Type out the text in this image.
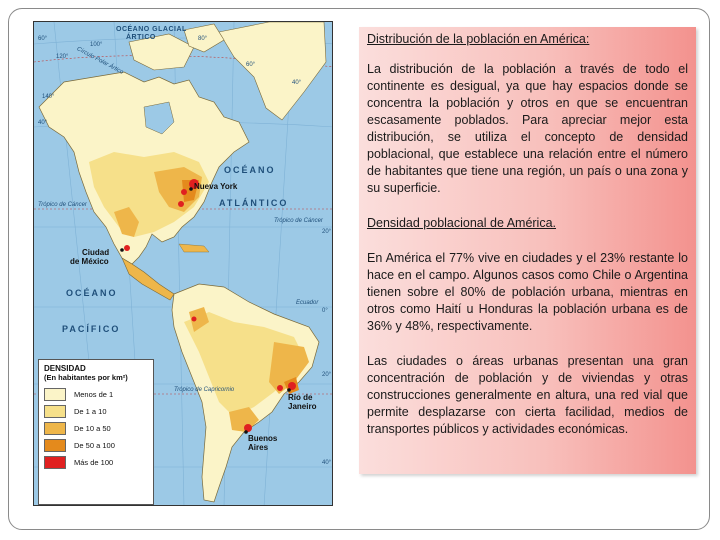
OCÉANO GLACIAL
ÁRTICO
OCÉANO
ATLÁNTICO
OCÉANO
PACÍFICO
Círculo Polar Ártico
Trópico de Cáncer
Trópico de Cáncer
Ecuador
Trópico de Capricornio
60°
40°
20°
0°
20°
40°
140°
120°
100°
80°
60°
40°
Nueva York
Ciudad
de México
Río de
Janeiro
Buenos
Aires

DENSIDAD

(En habitantes por km²)

Menos de 1
De 1 a 10
De 10 a 50
De 50 a 100
Más de 100

Distribución de la población en América:

La distribución de la población a través de todo el continente es desigual, ya que hay espacios donde se concentra la población y otros en que se encuentran escasamente poblados. Para apreciar mejor esta distribución, se utiliza el concepto de densidad poblacional, que establece una relación entre el número de habitantes que tiene una región, un país o una zona y su superficie.

Densidad poblacional de América.

En América el 77% vive en ciudades y el 23% restante lo hace en el campo. Algunos casos como Chile o Argentina tienen sobre el 80% de población urbana, mientras en otros como Haití u Honduras la población urbana es de 36% y 48%, respectivamente.

Las ciudades o áreas urbanas presentan una gran concentración de población y de viviendas y otras construcciones generalmente en altura, una red vial que permite desplazarse con cierta facilidad, medios de transportes públicos y actividades económicas.
